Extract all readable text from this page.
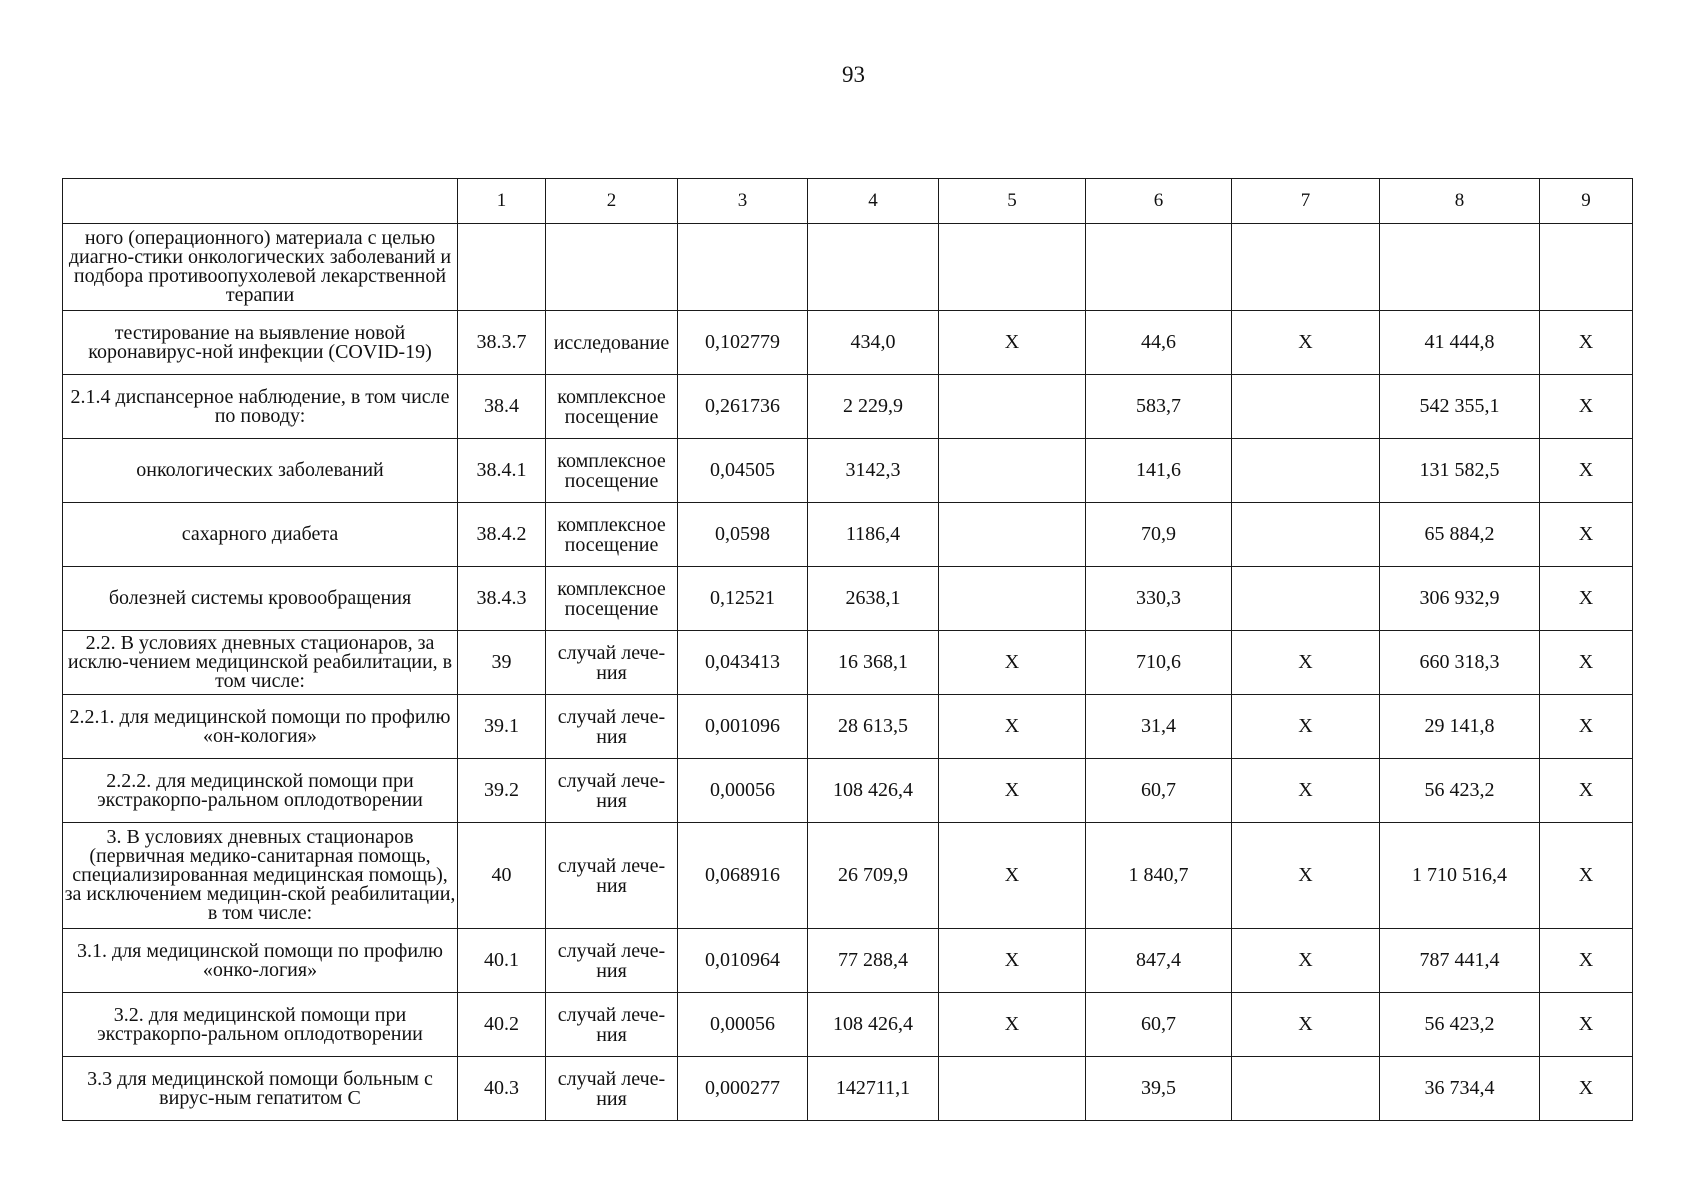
93
	1	2	3	4	5	6	7	8	9
ного (операционного) материала с целью диагно-стики онкологических заболеваний и подбора противоопухолевой лекарственной терапии									
тестирование на выявление новой коронавирус-ной инфекции (COVID-19)	38.3.7	исследование	0,102779	434,0	X	44,6	X	41 444,8	X
2.1.4 диспансерное наблюдение, в том числе по поводу:	38.4	комплексное посещение	0,261736	2 229,9		583,7		542 355,1	X
онкологических заболеваний	38.4.1	комплексное посещение	0,04505	3142,3		141,6		131 582,5	X
сахарного диабета	38.4.2	комплексное посещение	0,0598	1186,4		70,9		65 884,2	X
болезней системы кровообращения	38.4.3	комплексное посещение	0,12521	2638,1		330,3		306 932,9	X
2.2. В условиях дневных стационаров, за исклю-чением медицинской реабилитации, в том числе:	39	случай лече-ния	0,043413	16 368,1	X	710,6	X	660 318,3	X
2.2.1. для медицинской помощи по профилю «он-кология»	39.1	случай лече-ния	0,001096	28 613,5	X	31,4	X	29 141,8	X
2.2.2. для медицинской помощи при экстракорпо-ральном оплодотворении	39.2	случай лече-ния	0,00056	108 426,4	X	60,7	X	56 423,2	X
3. В условиях дневных стационаров (первичная медико-санитарная помощь, специализированная медицинская помощь), за исключением медицин-ской реабилитации, в том числе:	40	случай лече-ния	0,068916	26 709,9	X	1 840,7	X	1 710 516,4	X
3.1. для медицинской помощи по профилю «онко-логия»	40.1	случай лече-ния	0,010964	77 288,4	X	847,4	X	787 441,4	X
3.2. для медицинской помощи при экстракорпо-ральном оплодотворении	40.2	случай лече-ния	0,00056	108 426,4	X	60,7	X	56 423,2	X
3.3 для медицинской помощи больным с вирус-ным гепатитом С	40.3	случай лече-ния	0,000277	142711,1		39,5		36 734,4	X
